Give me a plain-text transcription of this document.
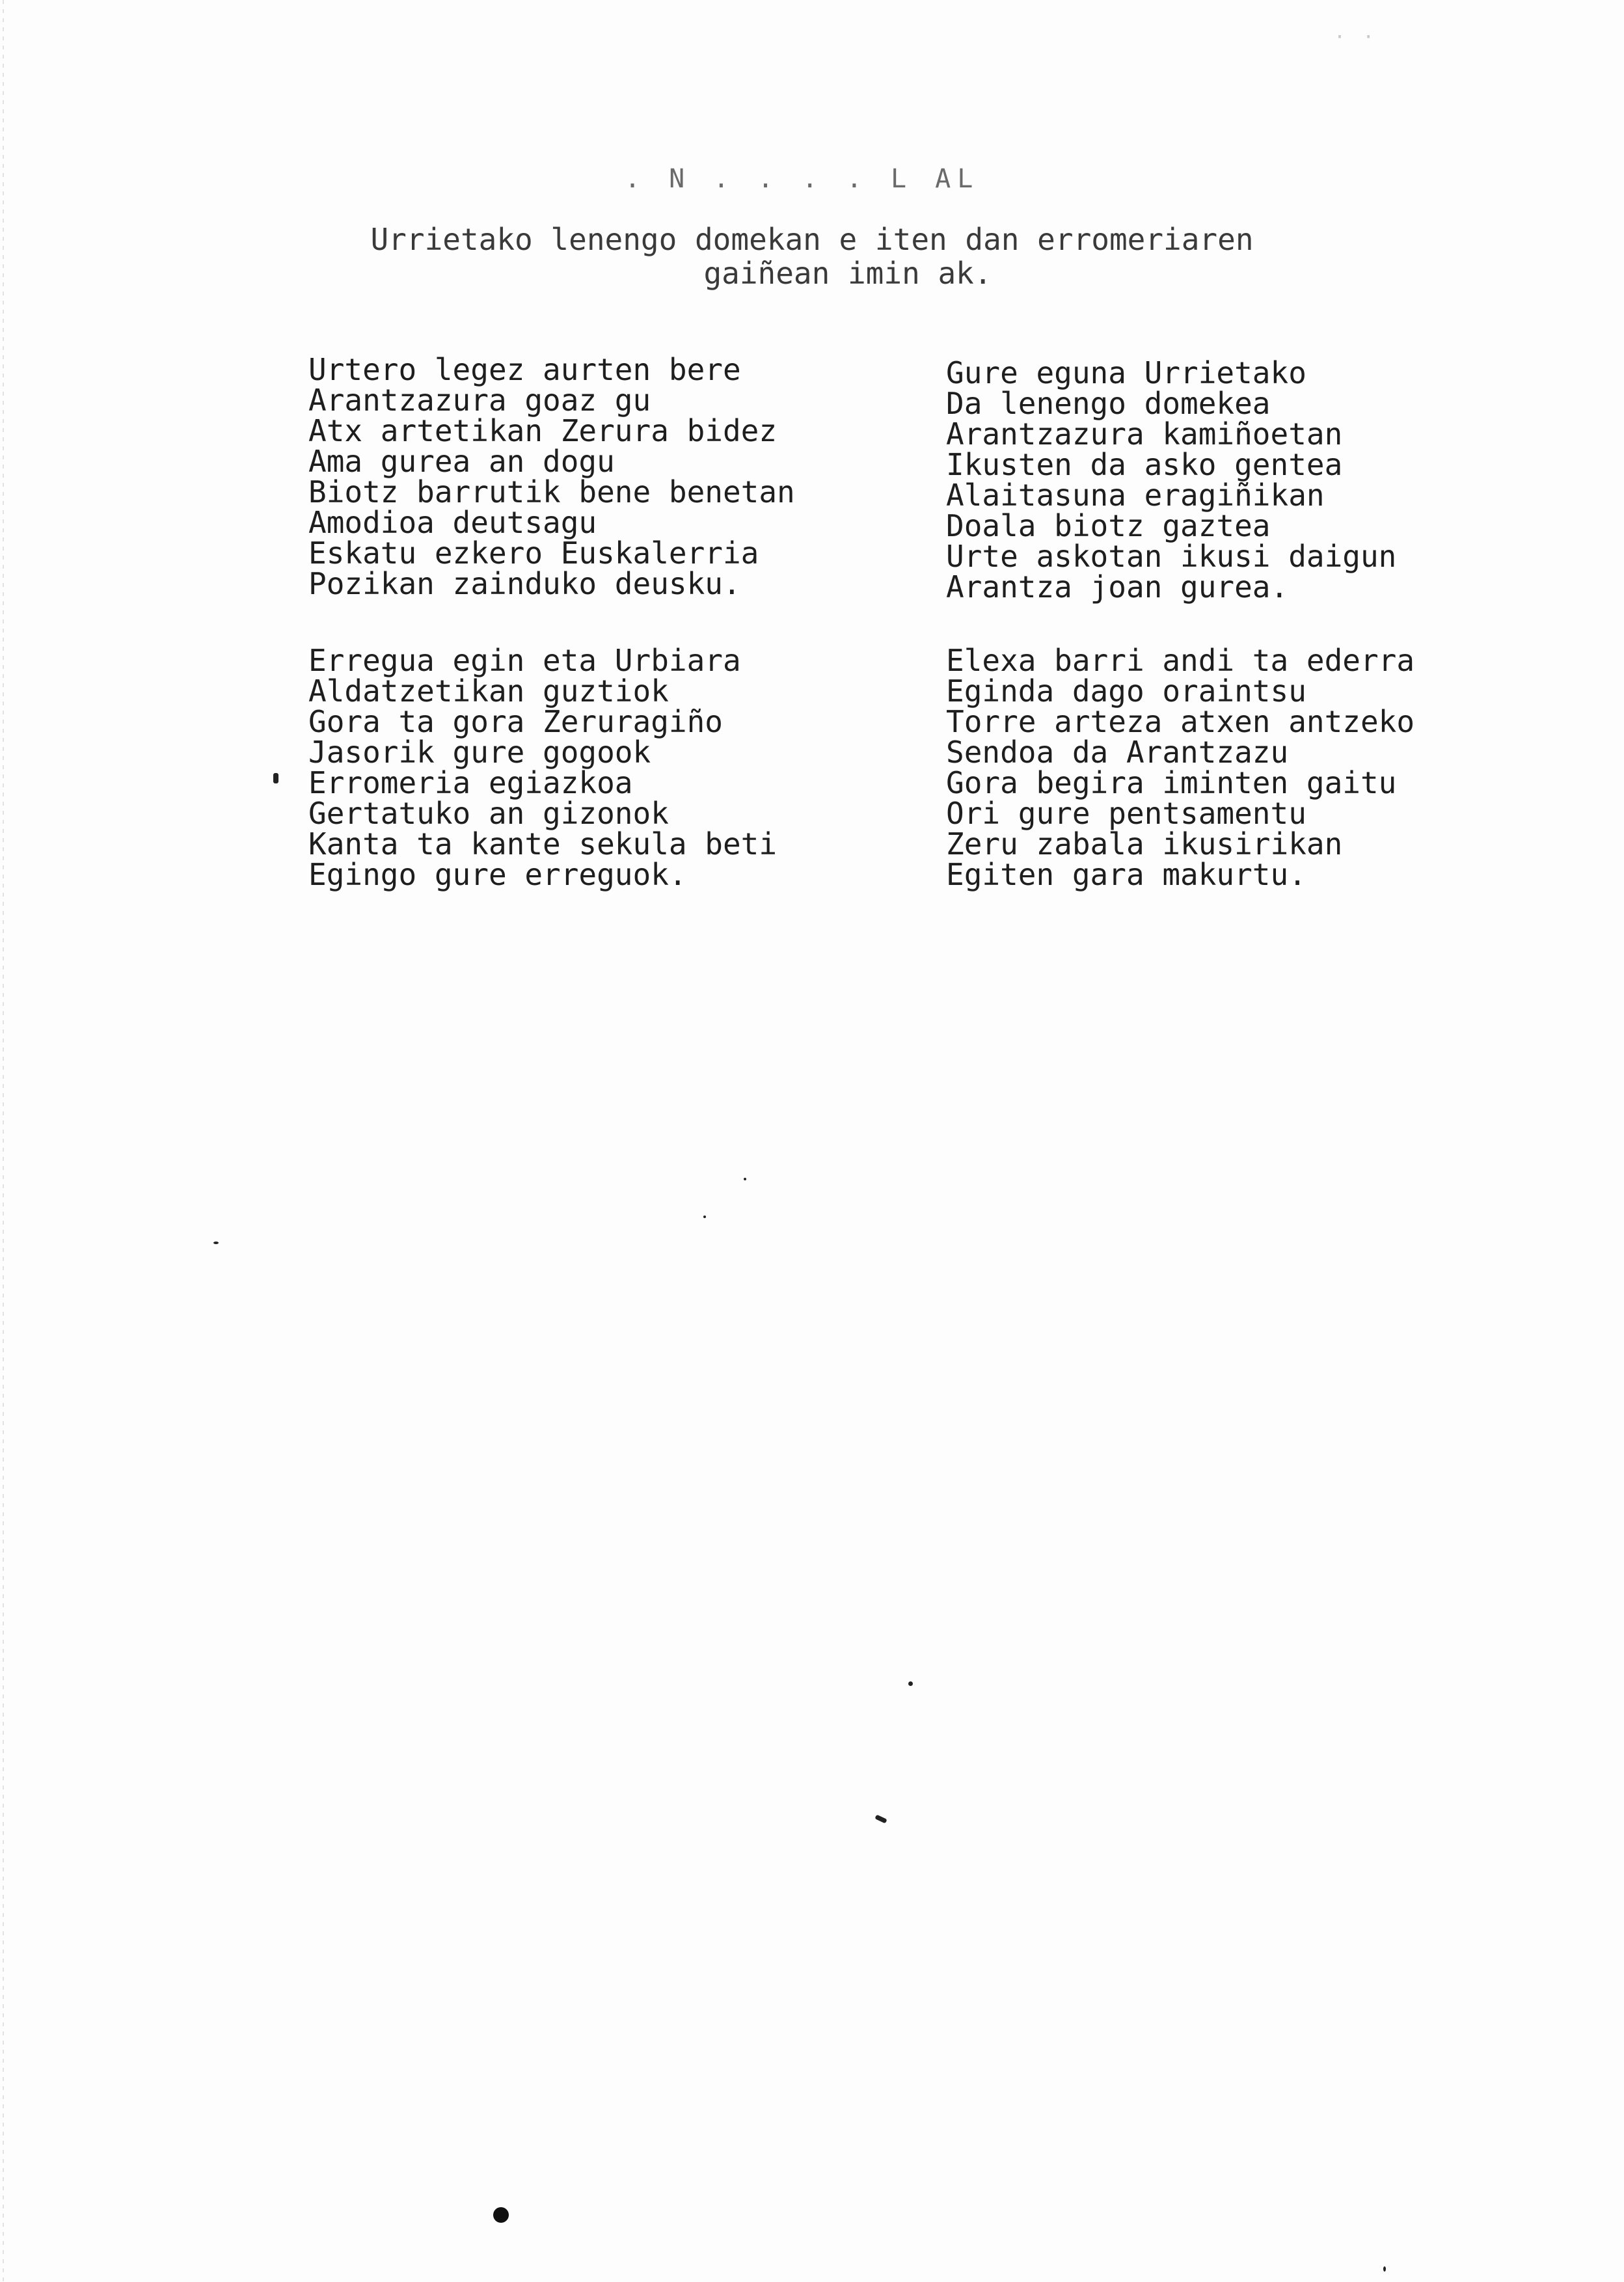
· ·
. N . . . . L AL
Urrietako lenengo domekan e iten dan erromeriaren
gaiñean imin ak.
Urtero legez aurten bere
Arantzazura goaz gu
Atx artetikan Zerura bidez
Ama gurea an dogu
Biotz barrutik bene benetan
Amodioa deutsagu
Eskatu ezkero Euskalerria
Pozikan zainduko deusku.
Erregua egin eta Urbiara
Aldatzetikan guztiok
Gora ta gora Zeruragiño
Jasorik gure gogook
Erromeria egiazkoa
Gertatuko an gizonok
Kanta ta kante sekula beti
Egingo gure erreguok.
Gure eguna Urrietako
Da lenengo domekea
Arantzazura kamiñoetan
Ikusten da asko gentea
Alaitasuna eragiñikan
Doala biotz gaztea
Urte askotan ikusi daigun
Arantza joan gurea.
Elexa barri andi ta ederra
Eginda dago oraintsu
Torre arteza atxen antzeko
Sendoa da Arantzazu
Gora begira iminten gaitu
Ori gure pentsamentu
Zeru zabala ikusirikan
Egiten gara makurtu.
